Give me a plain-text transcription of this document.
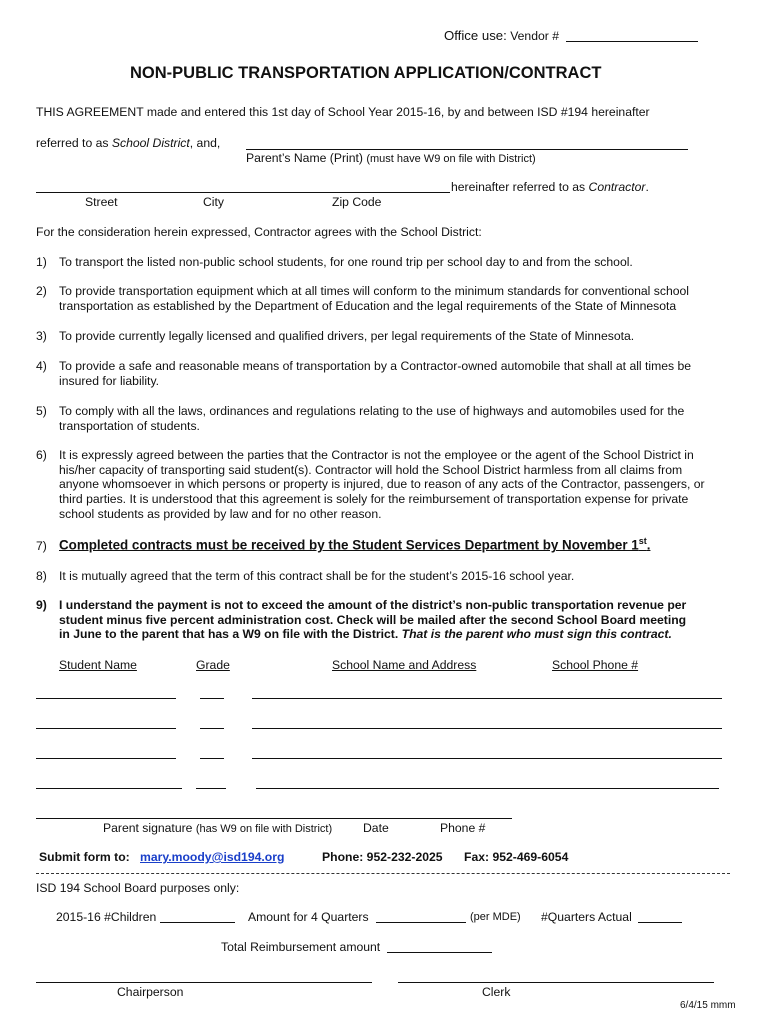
Office use: Vendor #
NON-PUBLIC TRANSPORTATION APPLICATION/CONTRACT
THIS AGREEMENT made and entered this 1st day of School Year 2015-16, by and between ISD #194 hereinafter
referred to as School District, and,
Parent’s Name (Print) (must have W9 on file with District)
hereinafter referred to as Contractor.
Street	City	Zip Code
For the consideration herein expressed, Contractor agrees with the School District:
1) To transport the listed non-public school students, for one round trip per school day to and from the school.
2) To provide transportation equipment which at all times will conform to the minimum standards for conventional school
transportation as established by the Department of Education and the legal requirements of the State of Minnesota
3) To provide currently legally licensed and qualified drivers, per legal requirements of the State of Minnesota.
4) To provide a safe and reasonable means of transportation by a Contractor-owned automobile that shall at all times be
insured for liability.
5) To comply with all the laws, ordinances and regulations relating to the use of highways and automobiles used for the
transportation of students.
6) It is expressly agreed between the parties that the Contractor is not the employee or the agent of the School District in
his/her capacity of transporting said student(s). Contractor will hold the School District harmless from all claims from
anyone whomsoever in which persons or property is injured, due to reason of any acts of the Contractor, passengers, or
third parties. It is understood that this agreement is solely for the reimbursement of transportation expense for private
school students as provided by law and for no other reason.
7) Completed contracts must be received by the Student Services Department by November 1st.
8) It is mutually agreed that the term of this contract shall be for the student’s 2015-16 school year.
9) I understand the payment is not to exceed the amount of the district’s non-public transportation revenue per
student minus five percent administration cost. Check will be mailed after the second School Board meeting
in June to the parent that has a W9 on file with the District. That is the parent who must sign this contract.
Student Name	Grade	School Name and Address	School Phone #
Parent signature (has W9 on file with District)	Date	Phone #
Submit form to: mary.moody@isd194.org	Phone: 952-232-2025 Fax: 952-469-6054
ISD 194 School Board purposes only:
2015-16 #Children	Amount for 4 Quarters	(per MDE) #Quarters Actual
Total Reimbursement amount
Chairperson	Clerk
6/4/15 mmm
